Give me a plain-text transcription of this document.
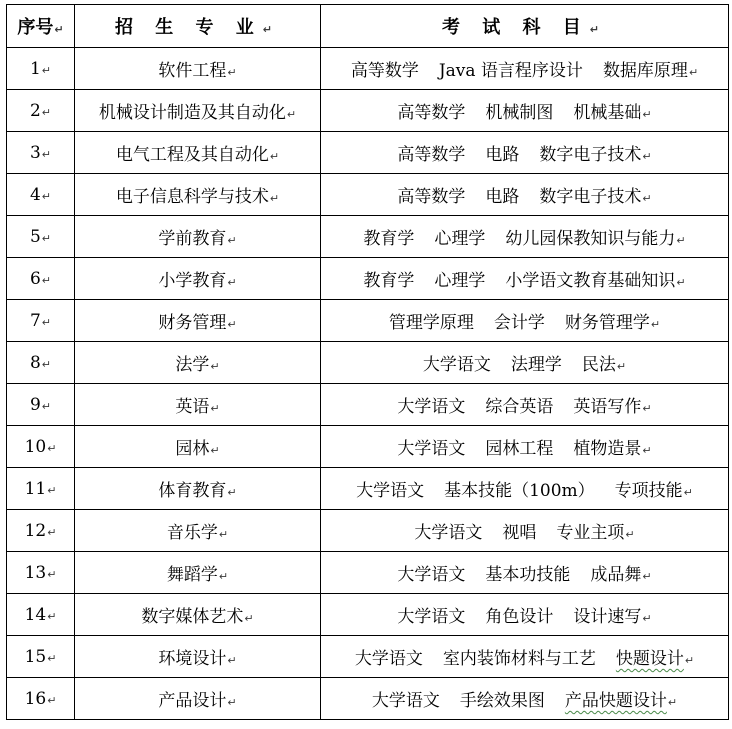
序号↵	招 生 专 业↵	考 试 科 目↵
1↵	软件工程↵	高等数学 Java 语言程序设计 数据库原理↵
2↵	机械设计制造及其自动化↵	高等数学 机械制图 机械基础↵
3↵	电气工程及其自动化↵	高等数学 电路 数字电子技术↵
4↵	电子信息科学与技术↵	高等数学 电路 数字电子技术↵
5↵	学前教育↵	教育学 心理学 幼儿园保教知识与能力↵
6↵	小学教育↵	教育学 心理学 小学语文教育基础知识↵
7↵	财务管理↵	管理学原理 会计学 财务管理学↵
8↵	法学↵	大学语文 法理学 民法↵
9↵	英语↵	大学语文 综合英语 英语写作↵
10↵	园林↵	大学语文 园林工程 植物造景↵
11↵	体育教育↵	大学语文 基本技能（100m） 专项技能↵
12↵	音乐学↵	大学语文 视唱 专业主项↵
13↵	舞蹈学↵	大学语文 基本功技能 成品舞↵
14↵	数字媒体艺术↵	大学语文 角色设计 设计速写↵
15↵	环境设计↵	大学语文 室内装饰材料与工艺 快题设计↵
16↵	产品设计↵	大学语文 手绘效果图 产品快题设计↵
